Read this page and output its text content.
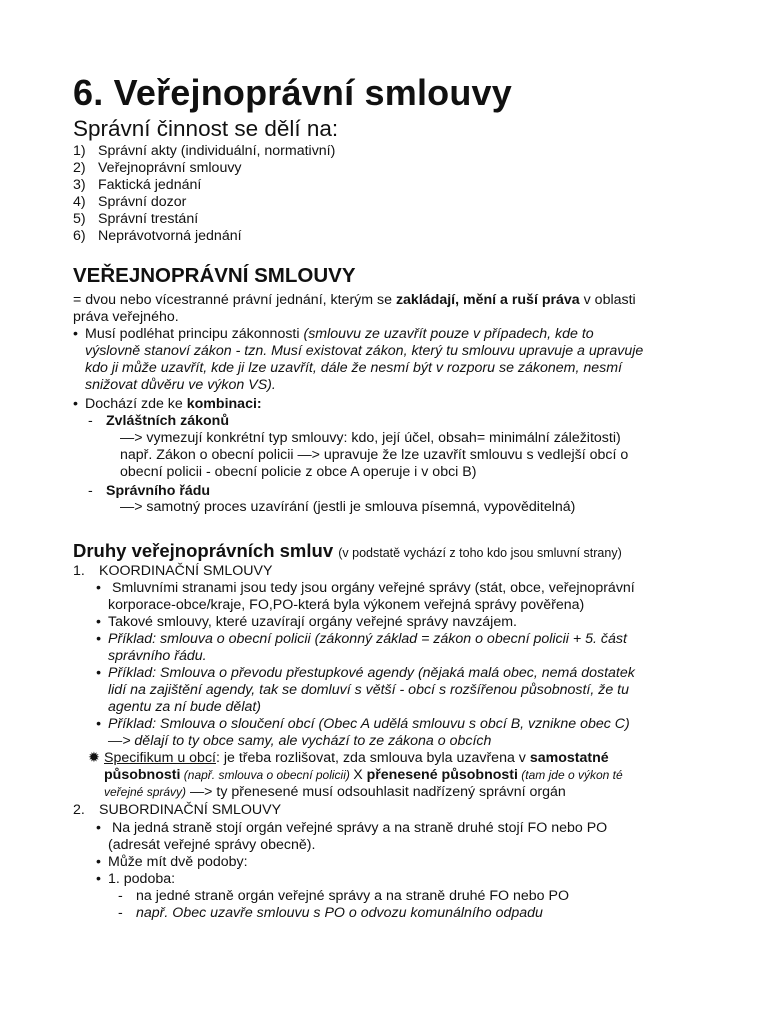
6. Veřejnoprávní smlouvy
Správní činnost se dělí na:
1) Správní akty (individuální, normativní)
2) Veřejnoprávní smlouvy
3) Faktická jednání
4) Správní dozor
5) Správní trestání
6) Neprávotvorná jednání
VEŘEJNOPRÁVNÍ SMLOUVY
= dvou nebo vícestranné právní jednání, kterým se zakládají, mění a ruší práva v oblasti
práva veřejného.
• Musí podléhat principu zákonnosti (smlouvu ze uzavřít pouze v případech, kde to
výslovně stanoví zákon - tzn. Musí existovat zákon, který tu smlouvu upravuje a upravuje
kdo ji může uzavřít, kde ji lze uzavřít, dále že nesmí být v rozporu se zákonem, nesmí
snižovat důvěru ve výkon VS).
• Dochází zde ke kombinaci:
- Zvláštních zákonů
—> vymezují konkrétní typ smlouvy: kdo, její účel, obsah= minimální záležitosti)
např. Zákon o obecní policii —> upravuje že lze uzavřít smlouvu s vedlejší obcí o
obecní policii - obecní policie z obce A operuje i v obci B)
- Správního řádu
—> samotný proces uzavírání (jestli je smlouva písemná, vypověditelná)
Druhy veřejnoprávních smluv (v podstatě vychází z toho kdo jsou smluvní strany)
1. KOORDINAČNÍ SMLOUVY
• Smluvními stranami jsou tedy jsou orgány veřejné správy (stát, obce, veřejnoprávní
korporace-obce/kraje, FO,PO-která byla výkonem veřejná správy pověřena)
• Takové smlouvy, které uzavírají orgány veřejné správy navzájem.
• Příklad: smlouva o obecní policii (zákonný základ = zákon o obecní policii + 5. část
správního řádu.
• Příklad: Smlouva o převodu přestupkové agendy (nějaká malá obec, nemá dostatek
lidí na zajištění agendy, tak se domluví s větší - obcí s rozšířenou působností, že tu
agentu za ní bude dělat)
• Příklad: Smlouva o sloučení obcí (Obec A udělá smlouvu s obcí B, vznikne obec C)
—> dělají to ty obce samy, ale vychází to ze zákona o obcích
✹ Specifikum u obcí: je třeba rozlišovat, zda smlouva byla uzavřena v samostatné
působnosti (např. smlouva o obecní policii) X přenesené působnosti (tam jde o výkon té
veřejné správy) —> ty přenesené musí odsouhlasit nadřízený správní orgán
2. SUBORDINAČNÍ SMLOUVY
• Na jedná straně stojí orgán veřejné správy a na straně druhé stojí FO nebo PO
(adresát veřejné správy obecně).
• Může mít dvě podoby:
• 1. podoba:
- na jedné straně orgán veřejné správy a na straně druhé FO nebo PO
- např. Obec uzavře smlouvu s PO o odvozu komunálního odpadu
